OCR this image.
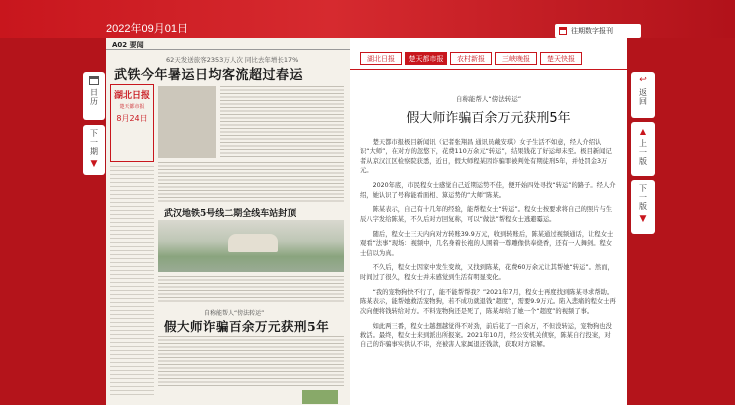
2022年09月01日	往期数字报刊
日历
下一期
▼
A02 要闻
62天发送旅客2353万人次 同比去年增长17%
武铁今年暑运日均客流超过春运
湖北日报
楚天都市报
8月24日
武汉地铁5号线二期全线车站封顶
自称能帮人“傍法转运”
假大师诈骗百余万元获刑5年
湖北日报	楚天都市报	农村新报	三峡晚报	楚天快报
自称能帮人“傍法转运”
假大师诈骗百余万元获刑5年

楚天都市报极目新闻讯（记者张翔昌 通讯员戴安琪）女子生活不如意，经人介绍认识“大师”，在对方的忽悠下，花费110万余元“转运”，结果钱花了好运却未至。极目新闻记者从京汉江区检察院获悉，近日，假大师程某因诈骗罪被判处有期徒刑5年，并处罚金3万元。

2020年底，市民程女士感觉自己近期运势不佳，便开始四处寻找“转运”的路子。经人介绍，她认识了号称能看面相、算运势的“大师”陈某。

陈某表示，自己有十几年的经验，能帮程女士“转运”。程女士按要求将自己的照片与生辰八字发给陈某，不久后对方回复称，可以“做法”帮程女士逃避霉运。

随后，程女士三天内向对方转账39.9万元，收到转账后，陈某通过视频通话，让程女士观看“法事”现场：视频中，几名身着长袍的人围着一尊雕像供奉烧香，还有一人舞剑。程女士信以为真。

不久后，程女士因家中发生变故，又找到陈某，花费60万余元让其帮她“转运”。然而，时间过了很久，程女士并未感觉到生活有明显变化。

“我的宠物狗快不行了，能不能帮帮我？”2021年7月，程女士再度找到陈某寻求帮助。陈某表示，能帮她救活宠物狗，若不成功就退钱“超度”，需要9.9万元。陷入悲痛的程女士再次向便将钱转给对方。不料宠物狗还是死了，陈某却给了她一个“超度”的视频了事。

如此两三番，程女士越想越觉得不对劲，前后花了一百余万，不但没转运，宠物狗也没救活。最终，程女士来到派出所报案。2021年10月，经公安机关侦察，陈某自行投案，对自己的诈骗事实供认不讳，亮被害人家属退还钱款，获取对方谅解。

↩
返回
▲
上一版
下一版
▼
